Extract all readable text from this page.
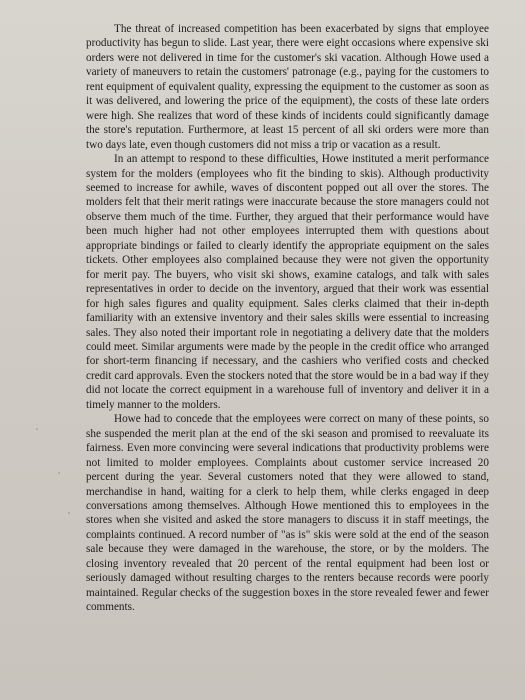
The threat of increased competition has been exacerbated by signs that employee productivity has begun to slide. Last year, there were eight occasions where expensive ski orders were not delivered in time for the customer's ski vacation. Although Howe used a variety of maneuvers to retain the customers' patronage (e.g., paying for the customers to rent equipment of equivalent quality, expressing the equipment to the customer as soon as it was delivered, and lowering the price of the equipment), the costs of these late orders were high. She realizes that word of these kinds of incidents could significantly damage the store's reputation. Furthermore, at least 15 percent of all ski orders were more than two days late, even though customers did not miss a trip or vacation as a result.

In an attempt to respond to these difficulties, Howe instituted a merit performance system for the molders (employees who fit the binding to skis). Although productivity seemed to increase for awhile, waves of discontent popped out all over the stores. The molders felt that their merit ratings were inaccurate because the store managers could not observe them much of the time. Further, they argued that their performance would have been much higher had not other employees interrupted them with questions about appropriate bindings or failed to clearly identify the appropriate equipment on the sales tickets. Other employees also complained because they were not given the opportunity for merit pay. The buyers, who visit ski shows, examine catalogs, and talk with sales representatives in order to decide on the inventory, argued that their work was essential for high sales figures and quality equipment. Sales clerks claimed that their in-depth familiarity with an extensive inventory and their sales skills were essential to increasing sales. They also noted their important role in negotiating a delivery date that the molders could meet. Similar arguments were made by the people in the credit office who arranged for short-term financing if necessary, and the cashiers who verified costs and checked credit card approvals. Even the stockers noted that the store would be in a bad way if they did not locate the correct equipment in a warehouse full of inventory and deliver it in a timely manner to the molders.

Howe had to concede that the employees were correct on many of these points, so she suspended the merit plan at the end of the ski season and promised to reevaluate its fairness. Even more convincing were several indications that productivity problems were not limited to molder employees. Complaints about customer service increased 20 percent during the year. Several customers noted that they were allowed to stand, merchandise in hand, waiting for a clerk to help them, while clerks engaged in deep conversations among themselves. Although Howe mentioned this to employees in the stores when she visited and asked the store managers to discuss it in staff meetings, the complaints continued. A record number of "as is" skis were sold at the end of the season sale because they were damaged in the warehouse, the store, or by the molders. The closing inventory revealed that 20 percent of the rental equipment had been lost or seriously damaged without resulting charges to the renters because records were poorly maintained. Regular checks of the suggestion boxes in the store revealed fewer and fewer comments.
